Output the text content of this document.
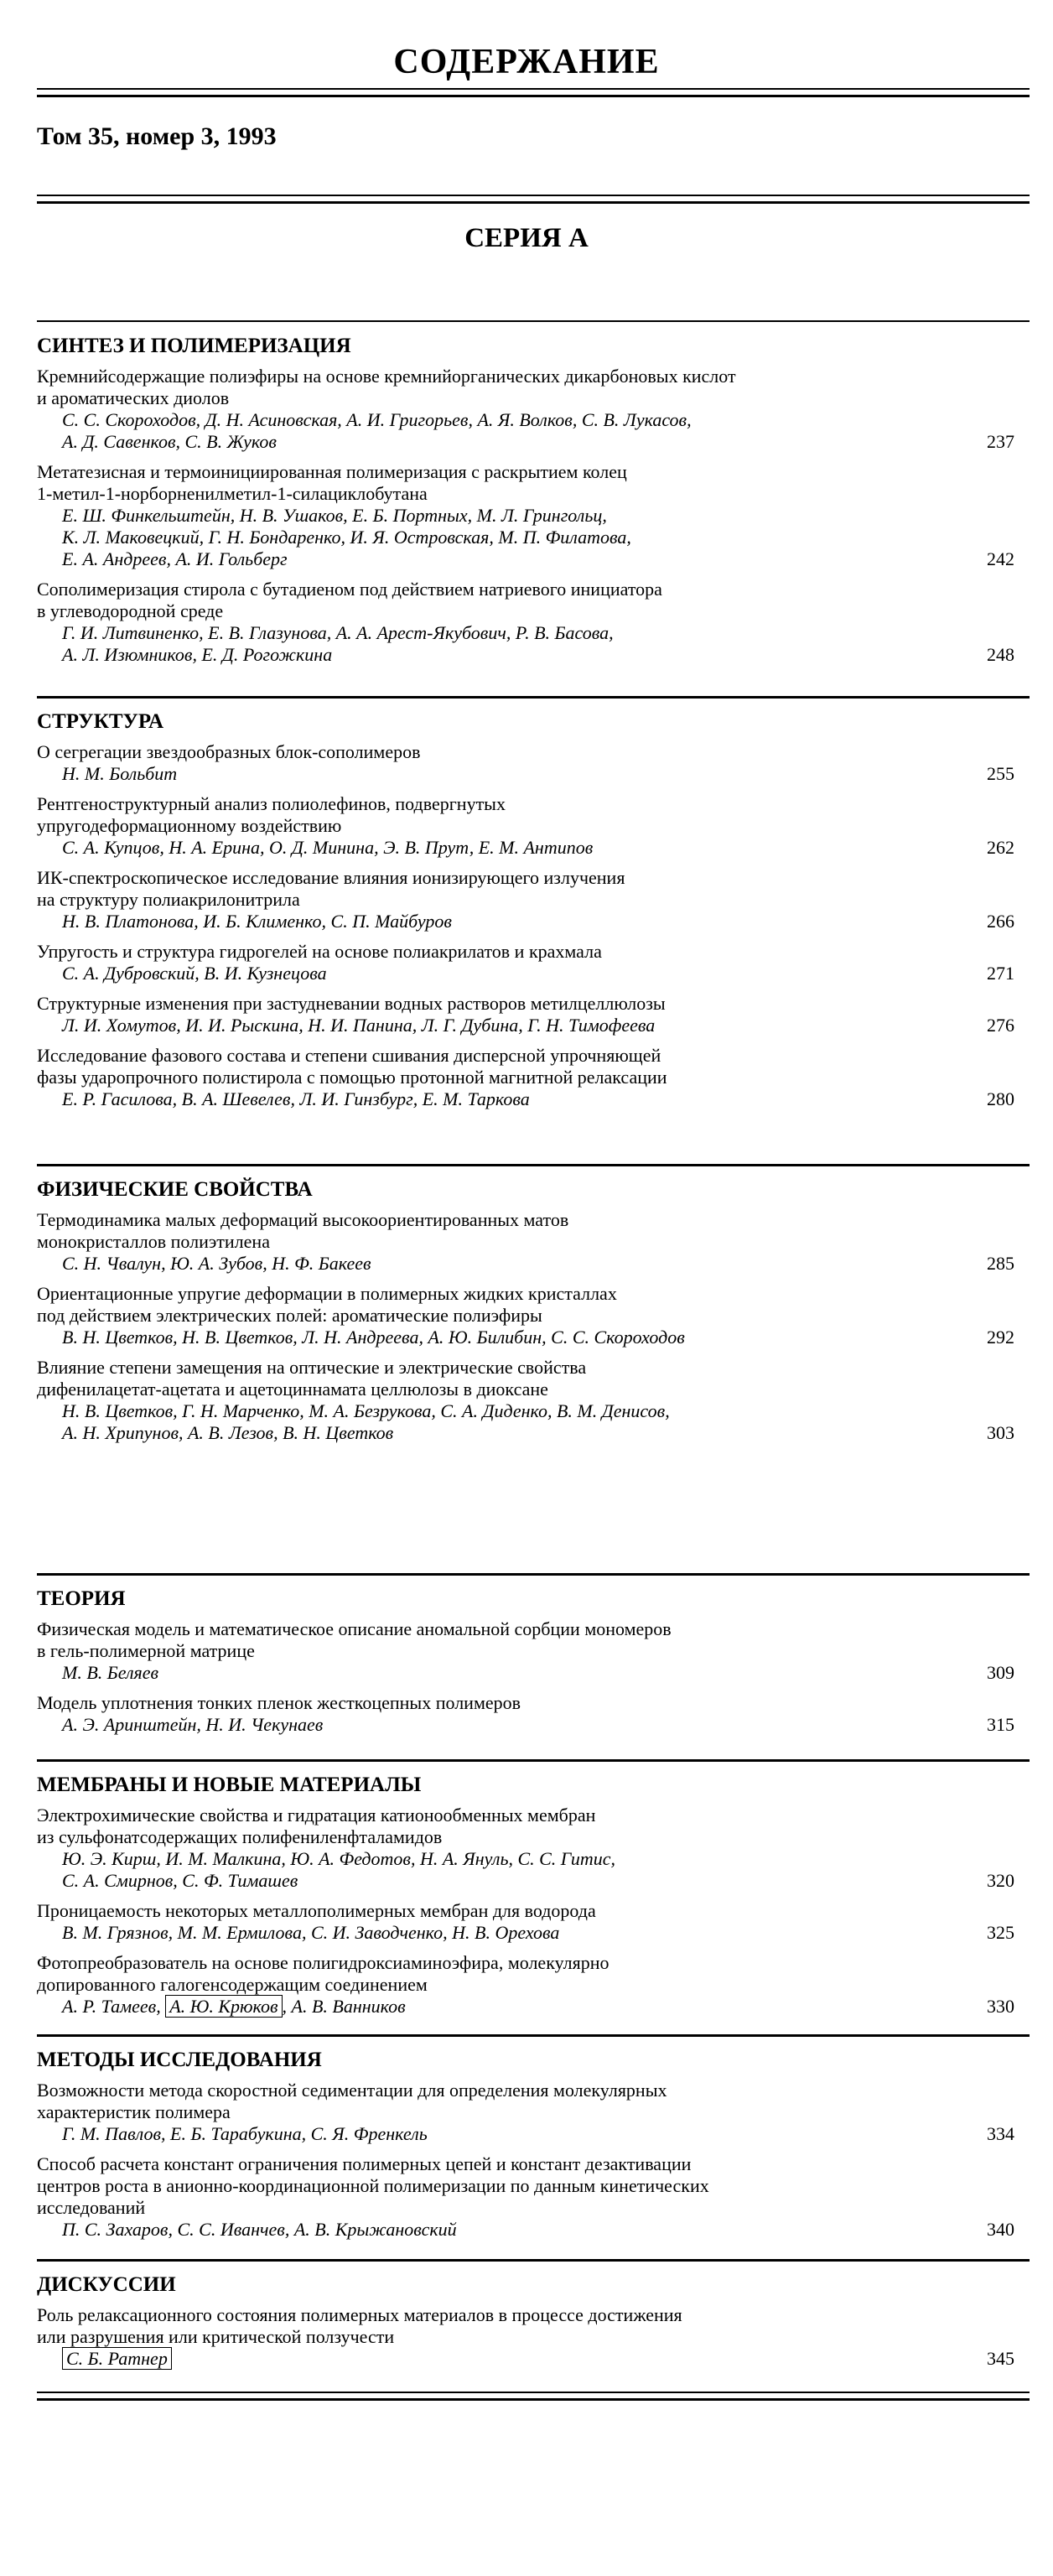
СОДЕРЖАНИЕ
Том 35, номер 3, 1993
СЕРИЯ А
СИНТЕЗ И ПОЛИМЕРИЗАЦИЯ
Кремнийсодержащие полиэфиры на основе кремнийорганических дикарбоновых кислот
и ароматических диолов
С. С. Скороходов, Д. Н. Асиновская, А. И. Григорьев, А. Я. Волков, С. В. Лукасов,
А. Д. Савенков, С. В. Жуков	237
Метатезисная и термоинициированная полимеризация с раскрытием колец
1-метил-1-норборненилметил-1-силациклобутана
Е. Ш. Финкельштейн, Н. В. Ушаков, Е. Б. Портных, М. Л. Грингольц,
К. Л. Маковецкий, Г. Н. Бондаренко, И. Я. Островская, М. П. Филатова,
Е. А. Андреев, А. И. Гольберг	242
Сополимеризация стирола с бутадиеном под действием натриевого инициатора
в углеводородной среде
Г. И. Литвиненко, Е. В. Глазунова, А. А. Арест-Якубович, Р. В. Басова,
А. Л. Изюмников, Е. Д. Рогожкина	248
СТРУКТУРА
О сегрегации звездообразных блок-сополимеров
Н. М. Больбит	255
Рентгеноструктурный анализ полиолефинов, подвергнутых
упругодеформационному воздействию
С. А. Купцов, Н. А. Ерина, О. Д. Минина, Э. В. Прут, Е. М. Антипов	262
ИК-спектроскопическое исследование влияния ионизирующего излучения
на структуру полиакрилонитрила
Н. В. Платонова, И. Б. Клименко, С. П. Майбуров	266
Упругость и структура гидрогелей на основе полиакрилатов и крахмала
С. А. Дубровский, В. И. Кузнецова	271
Структурные изменения при застудневании водных растворов метилцеллюлозы
Л. И. Хомутов, И. И. Рыскина, Н. И. Панина, Л. Г. Дубина, Г. Н. Тимофеева	276
Исследование фазового состава и степени сшивания дисперсной упрочняющей
фазы ударопрочного полистирола с помощью протонной магнитной релаксации
Е. Р. Гасилова, В. А. Шевелев, Л. И. Гинзбург, Е. М. Таркова	280
ФИЗИЧЕСКИЕ СВОЙСТВА
Термодинамика малых деформаций высокоориентированных матов
монокристаллов полиэтилена
С. Н. Чвалун, Ю. А. Зубов, Н. Ф. Бакеев	285
Ориентационные упругие деформации в полимерных жидких кристаллах
под действием электрических полей: ароматические полиэфиры
В. Н. Цветков, Н. В. Цветков, Л. Н. Андреева, А. Ю. Билибин, С. С. Скороходов	292
Влияние степени замещения на оптические и электрические свойства
дифенилацетат-ацетата и ацетоциннамата целлюлозы в диоксане
Н. В. Цветков, Г. Н. Марченко, М. А. Безрукова, С. А. Диденко, В. М. Денисов,
А. Н. Хрипунов, А. В. Лезов, В. Н. Цветков	303
ТЕОРИЯ
Физическая модель и математическое описание аномальной сорбции мономеров
в гель-полимерной матрице
М. В. Беляев	309
Модель уплотнения тонких пленок жесткоцепных полимеров
А. Э. Аринштейн, Н. И. Чекунаев	315
МЕМБРАНЫ И НОВЫЕ МАТЕРИАЛЫ
Электрохимические свойства и гидратация катионообменных мембран
из сульфонатсодержащих полифениленфталамидов
Ю. Э. Кирш, И. М. Малкина, Ю. А. Федотов, Н. А. Януль, С. С. Гитис,
С. А. Смирнов, С. Ф. Тимашев	320
Проницаемость некоторых металлополимерных мембран для водорода
В. М. Грязнов, М. М. Ермилова, С. И. Заводченко, Н. В. Орехова	325
Фотопреобразователь на основе полигидроксиаминоэфира, молекулярно
допированного галогенсодержащим соединением
А. Р. Тамеев, А. Ю. Крюков , А. В. Ванников	330
МЕТОДЫ ИССЛЕДОВАНИЯ
Возможности метода скоростной седиментации для определения молекулярных
характеристик полимера
Г. М. Павлов, Е. Б. Тарабукина, С. Я. Френкель	334
Способ расчета констант ограничения полимерных цепей и констант дезактивации
центров роста в анионно-координационной полимеризации по данным кинетических
исследований
П. С. Захаров, С. С. Иванчев, А. В. Крыжановский	340
ДИСКУССИИ
Роль релаксационного состояния полимерных материалов в процессе достижения
или разрушения или критической ползучести
С. Б. Ратнер	345
